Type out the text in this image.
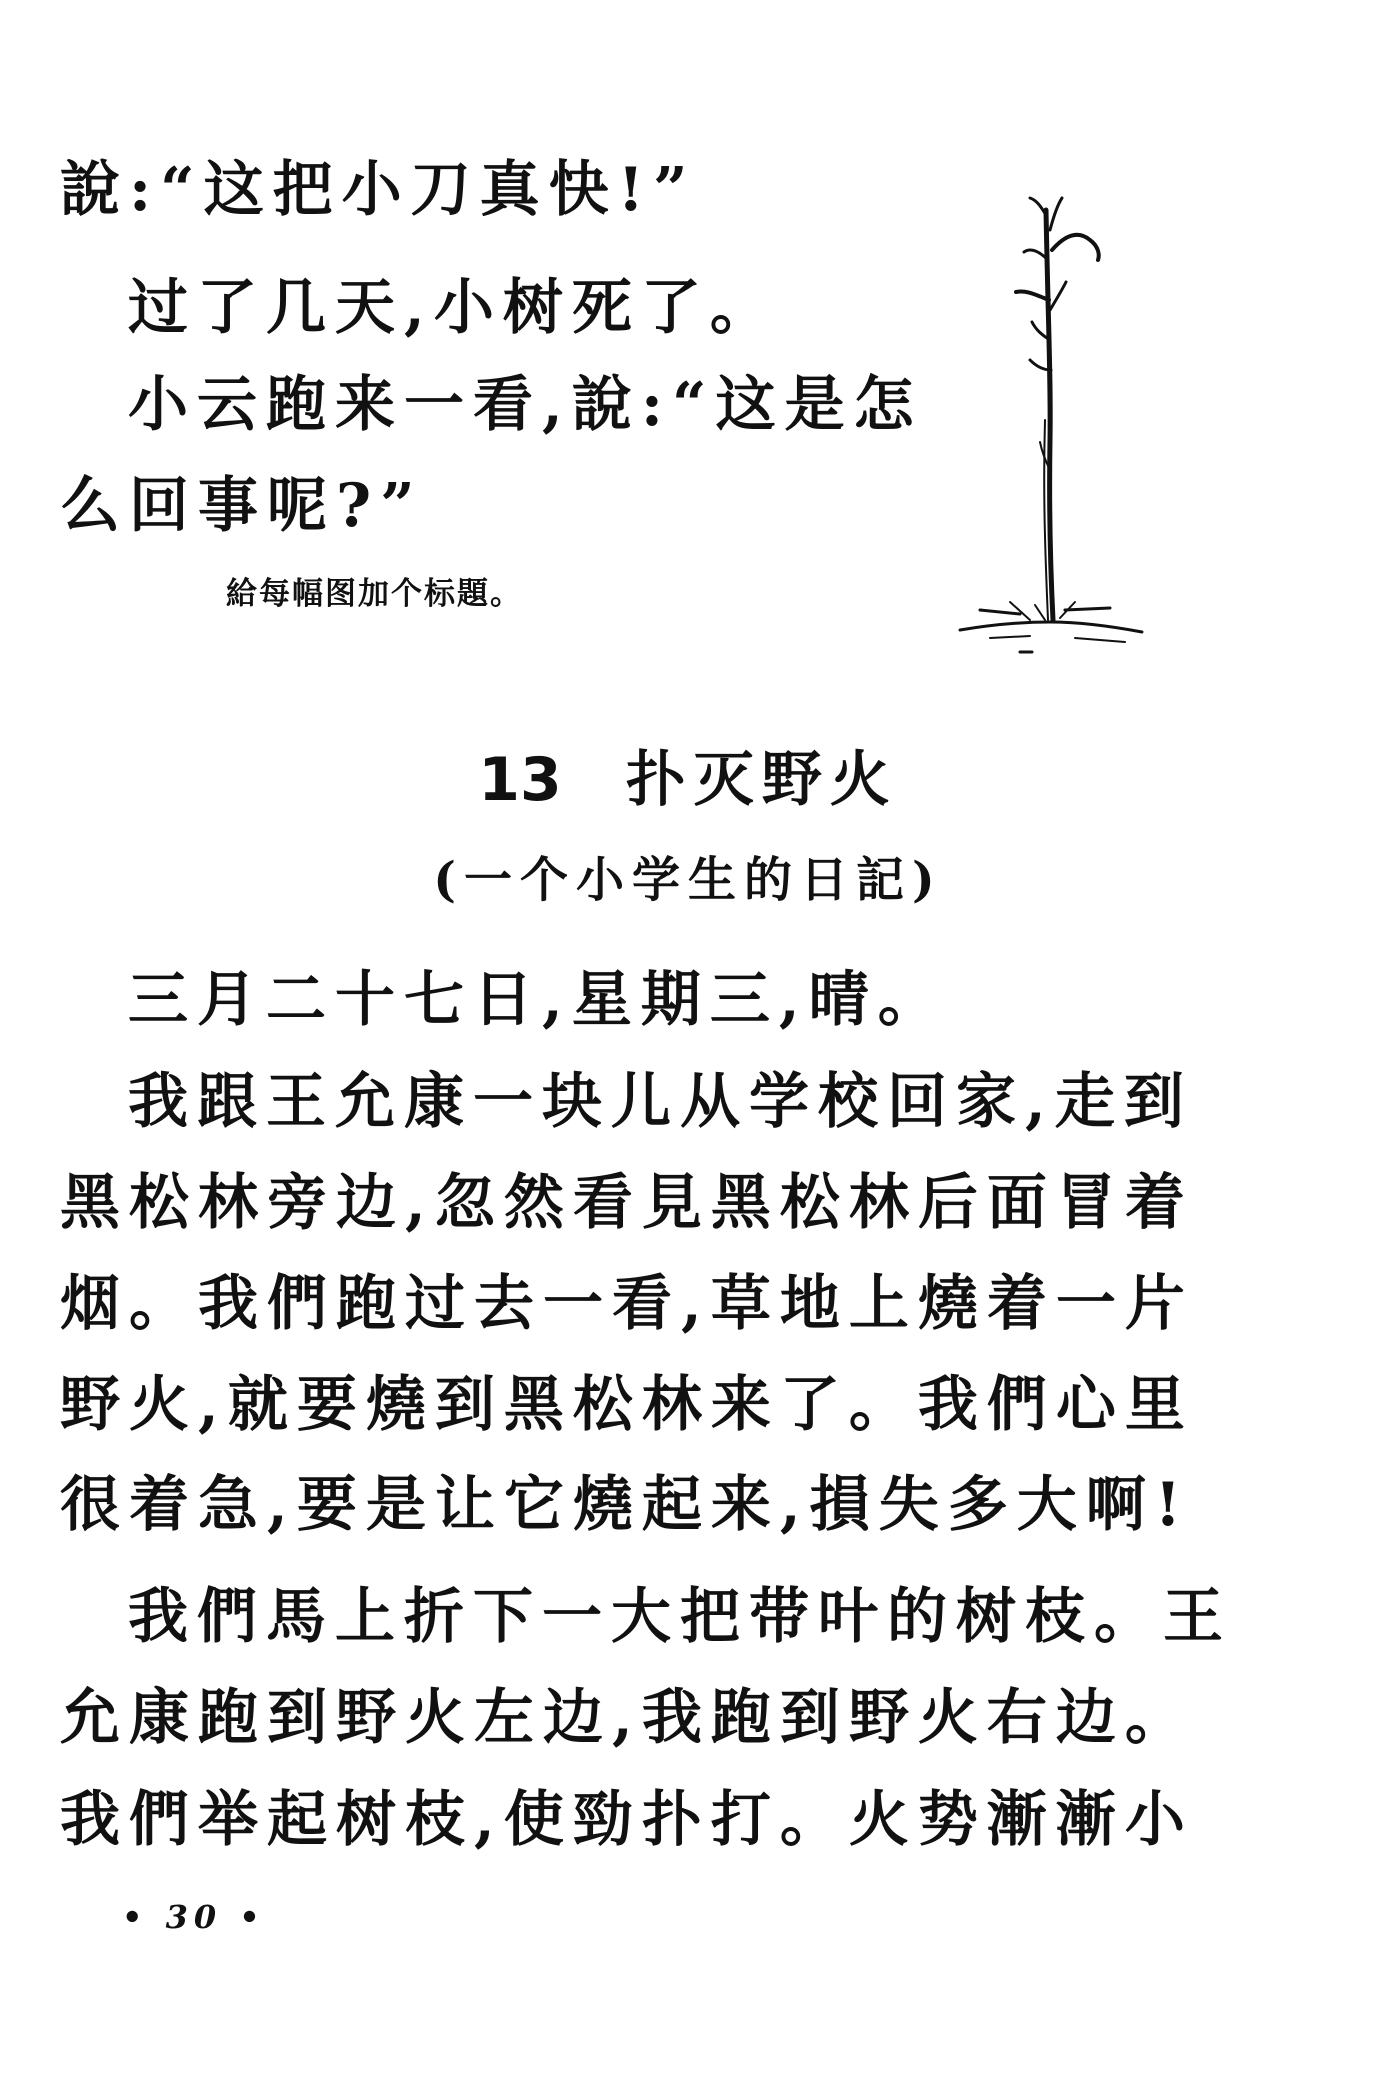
說:“这把小刀真快!”
过了几天,小树死了。
小云跑来一看,說:“这是怎
么回事呢?”
給每幅图加个标題。
13 扑灭野火
(一个小学生的日記)
三月二十七日,星期三,晴。
我跟王允康一块儿从学校回家,走到
黑松林旁边,忽然看見黑松林后面冒着
烟。我們跑过去一看,草地上燒着一片
野火,就要燒到黑松林来了。我們心里
很着急,要是让它燒起来,損失多大啊!
我們馬上折下一大把带叶的树枝。王
允康跑到野火左边,我跑到野火右边。
我們举起树枝,使勁扑打。火势漸漸小
• 30 •
